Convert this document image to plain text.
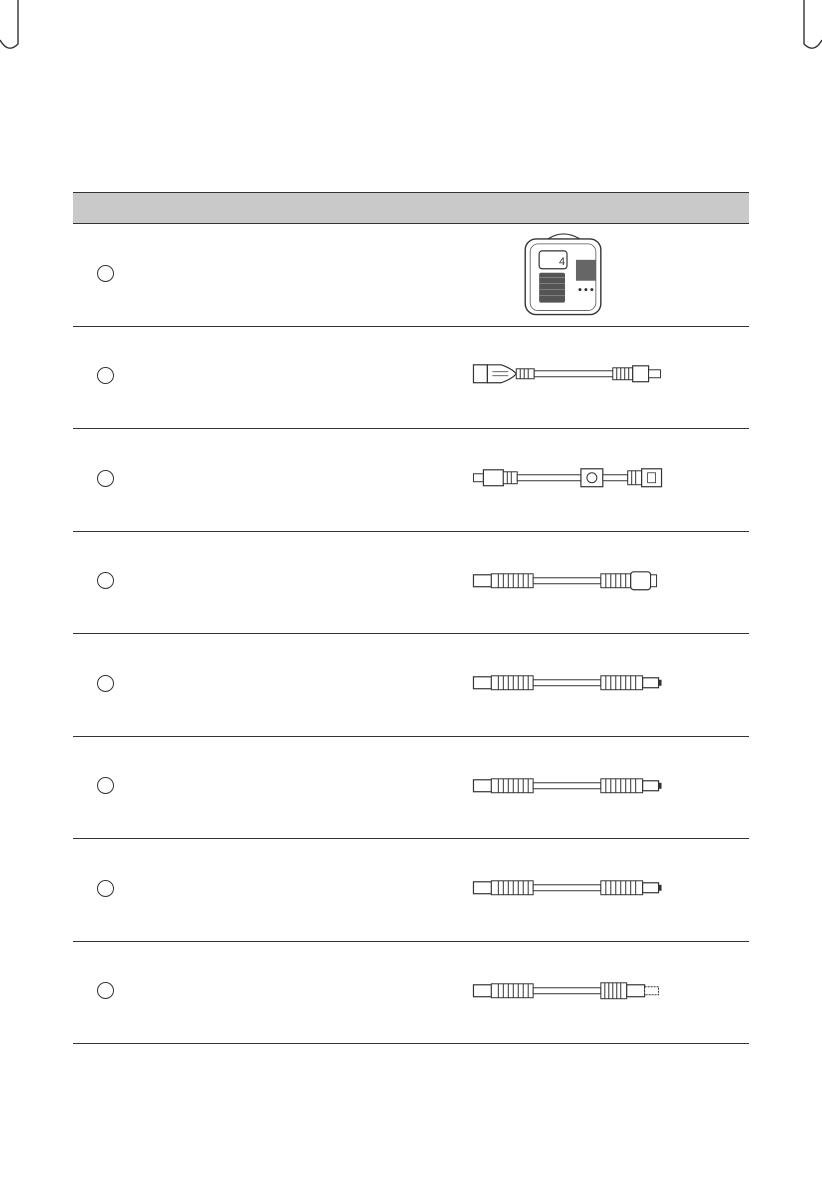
4
